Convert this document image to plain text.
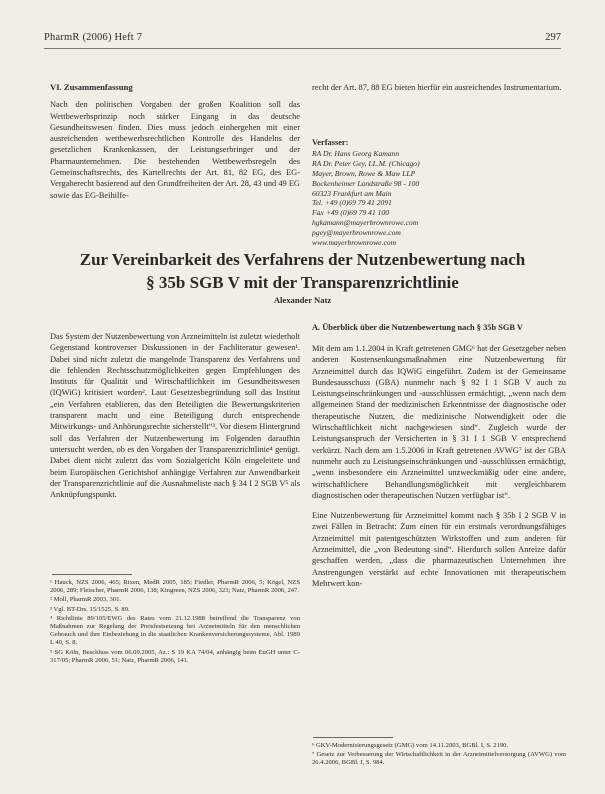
PharmR (2006) Heft 7	297
VI. Zusammenfassung

Nach den politischen Vorgaben der großen Koalition soll das Wettbewerbsprinzip noch stärker Eingang in das deutsche Gesundheitswesen finden. Dies muss jedoch einhergehen mit einer ausreichenden wettbewerbsrechtlichen Kontrolle des Handelns der gesetzlichen Krankenkassen, der Leistungserbringer und der Pharmaunternehmen. Die bestehenden Wettbewerbsregeln des Gemeinschaftsrechts, des Kartellrechts der Art. 81, 82 EG, des EG-Vergaberecht basierend auf den Grundfreiheiten der Art. 28, 43 und 49 EG sowie das EG-Beihilfe-

recht der Art. 87, 88 EG bieten hierfür ein ausreichendes Instrumentarium.

Verfasser:
RA Dr. Hans Georg Kamann
RA Dr. Peter Gey, LL.M. (Chicago)
Mayer, Brown, Rowe & Maw LLP
Bockenheimer Landstraße 98 - 100
60323 Frankfurt am Main
Tel. +49 (0)69 79 41 2091
Fax +49 (0)69 79 41 100
hgkamann@mayerbrownrowe.com
pgey@mayerbrownrowe.com
www.mayerbrownrowe.com
Zur Vereinbarkeit des Verfahrens der Nutzenbewertung nach
§ 35b SGB V mit der Transparenzrichtlinie
Alexander Natz

Das System der Nutzenbewertung von Arzneimitteln ist zuletzt wiederholt Gegenstand kontroverser Diskussionen in der Fachliteratur gewesen¹. Dabei sind nicht zuletzt die mangelnde Transparenz des Verfahrens und die fehlenden Rechtsschutzmöglichkeiten gegen Empfehlungen des Instituts für Qualität und Wirtschaftlichkeit im Gesundheitswesen (IQWiG) kritisiert worden². Laut Gesetzesbegründung soll das Institut „ein Verfahren etablieren, das den Beteiligten die Bewertungskriterien transparent macht und eine Beteiligung durch entsprechende Mitwirkungs- und Anhörungsrechte sicherstellt“³. Vor diesem Hintergrund soll das Verfahren der Nutzenbewertung im Folgenden daraufhin untersucht werden, ob es den Vorgaben der Transparenzrichtlinie⁴ genügt. Dabei dient nicht zuletzt das vom Sozialgericht Köln eingeleitete und beim Europäischen Gerichtshof anhängige Verfahren zur Anwendbarkeit der Transparenzrichtlinie auf die Ausnahmeliste nach § 34 I 2 SGB V⁵ als Anknüpfungspunkt.

A. Überblick über die Nutzenbewertung nach § 35b SGB V

Mit dem am 1.1.2004 in Kraft getretenen GMG⁶ hat der Gesetzgeber neben anderen Kostensenkungsmaßnahmen eine Nutzenbewertung für Arzneimittel durch das IQWiG eingeführt. Zudem ist der Gemeinsame Bundesausschuss (GBA) nunmehr nach § 92 I 1 SGB V auch zu Leistungseinschränkungen und -ausschlüssen ermächtigt, „wenn nach dem allgemeinen Stand der medizinischen Erkenntnisse der diagnostische oder therapeutische Nutzen, die medizinische Notwendigkeit oder die Wirtschaftlichkeit nicht nachgewiesen sind“. Zugleich wurde der Leistungsanspruch der Versicherten in § 31 I 1 SGB V entsprechend verkürzt. Nach dem am 1.5.2006 in Kraft getretenen AVWG⁷ ist der GBA nunmehr auch zu Leistungseinschränkungen und -ausschlüssen ermächtigt, „wenn insbesondere ein Arzneimittel unzweckmäßig oder eine andere, wirtschaftlichere Behandlungsmöglichkeit mit vergleichbarem diagnostischen oder therapeutischen Nutzen verfügbar ist“.

Eine Nutzenbewertung für Arzneimittel kommt nach § 35b I 2 SGB V in zwei Fällen in Betracht: Zum einen für ein erstmals verordnungsfähiges Arzneimittel mit patentgeschützten Wirkstoffen und zum anderen für Arzneimittel, die „von Bedeutung sind“. Hierdurch sollen Anreize dafür geschaffen werden, „dass die pharmazeutischen Unternehmen ihre Anstrengungen verstärkt auf echte Innovationen mit therapeutischem Mehrwert kon-

¹ Hauck, NZS 2006, 465; Rixen, MedR 2005, 185; Fiedler, PharmR 2006, 5; Kögel, NZS 2006, 289; Fleischer, PharmR 2006, 138; Kingreen, NZS 2006, 323; Natz, PharmR 2006, 247.
² Moll, PharmR 2003, 301.
³ Vgl. BT-Drs. 15/1525, S. 89.
⁴ Richtlinie 89/105/EWG des Rates vom 21.12.1988 betreffend die Transparenz von Maßnahmen zur Regelung der Preisfestsetzung bei Arzneimitteln für den menschlichen Gebrauch und ihre Einbeziehung in die staatlichen Krankenversicherungssysteme, Abl. 1989 L 40, S. 8.
⁵ SG Köln, Beschluss vom 06.09.2005, Az.: S 19 KA 74/04, anhängig beim EuGH unter C-317/05; PharmR 2006, 51; Natz, PharmR 2006, 141.
⁶ GKV-Modernisierungsgesetz (GMG) vom 14.11.2003, BGBl. I, S. 2190.
⁷ Gesetz zur Verbesserung der Wirtschaftlichkeit in der Arzneimittelversorgung (AVWG) vom 26.4.2006, BGBl. I, S. 984.
